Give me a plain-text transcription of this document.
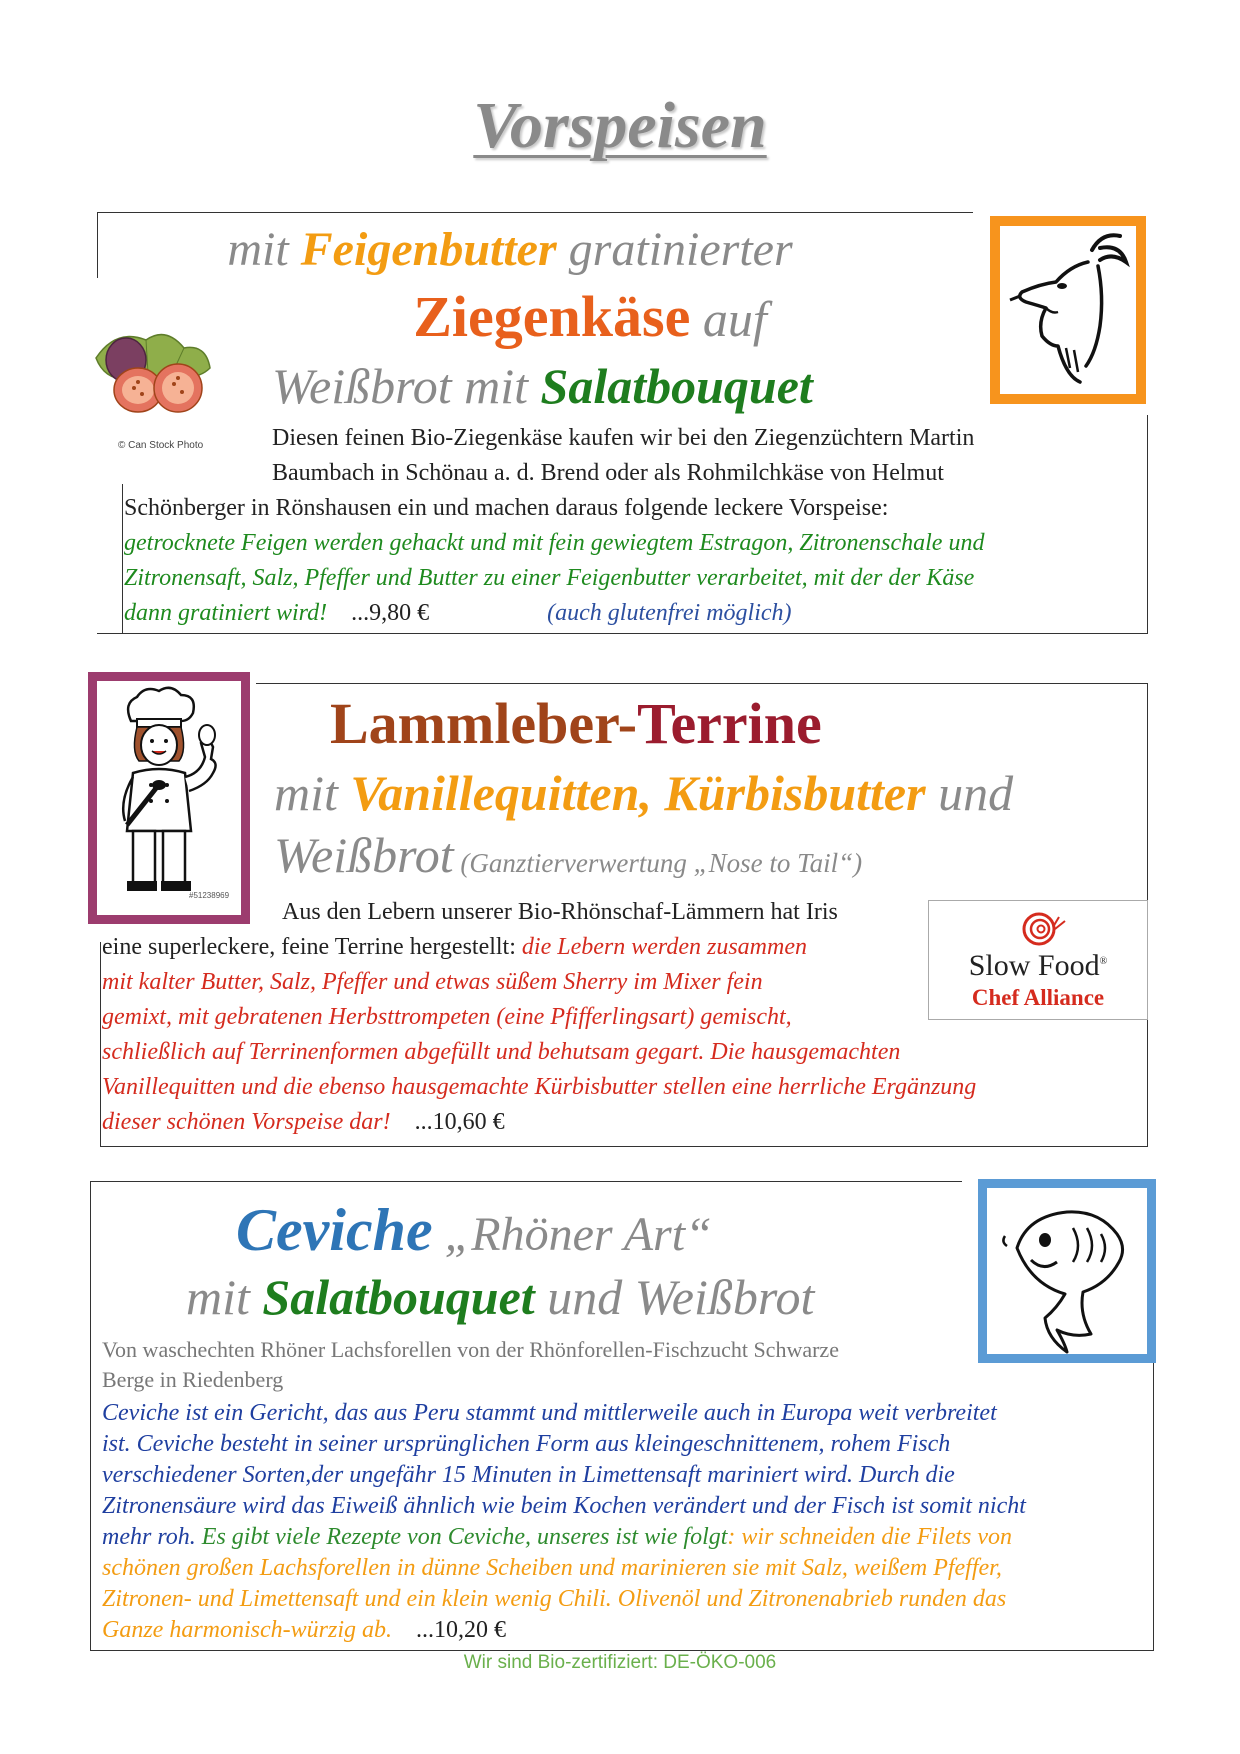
Vorspeisen
mit Feigenbutter gratinierter
Ziegenkäse auf
Weißbrot mit Salatbouquet
© Can Stock Photo	Diesen feinen Bio-Ziegenkäse kaufen wir bei den Ziegenzüchtern Martin
Baumbach in Schönau a. d. Brend oder als Rohmilchkäse von Helmut
Schönberger in Rönshausen ein und machen daraus folgende leckere Vorspeise:
getrocknete Feigen werden gehackt und mit fein gewiegtem Estragon, Zitronenschale und
Zitronensaft, Salz, Pfeffer und Butter zu einer Feigenbutter verarbeitet, mit der der Käse
dann gratiniert wird! ...9,80 €	(auch glutenfrei möglich)
#51238969
Lammleber-Terrine
mit Vanillequitten, Kürbisbutter und
Weißbrot (Ganztierverwertung „Nose to Tail“)
Slow Food®
Chef Alliance
Aus den Lebern unserer Bio-Rhönschaf-Lämmern hat Iris
eine superleckere, feine Terrine hergestellt: die Lebern werden zusammen
mit kalter Butter, Salz, Pfeffer und etwas süßem Sherry im Mixer fein
gemixt, mit gebratenen Herbsttrompeten (eine Pfifferlingsart) gemischt,
schließlich auf Terrinenformen abgefüllt und behutsam gegart. Die hausgemachten
Vanillequitten und die ebenso hausgemachte Kürbisbutter stellen eine herrliche Ergänzung
dieser schönen Vorspeise dar! ...10,60 €
Ceviche „Rhöner Art“
mit Salatbouquet und Weißbrot
Von waschechten Rhöner Lachsforellen von der Rhönforellen-Fischzucht Schwarze
Berge in Riedenberg
Ceviche ist ein Gericht, das aus Peru stammt und mittlerweile auch in Europa weit verbreitet
ist. Ceviche besteht in seiner ursprünglichen Form aus kleingeschnittenem, rohem Fisch
verschiedener Sorten,der ungefähr 15 Minuten in Limettensaft mariniert wird. Durch die
Zitronensäure wird das Eiweiß ähnlich wie beim Kochen verändert und der Fisch ist somit nicht
mehr roh. Es gibt viele Rezepte von Ceviche, unseres ist wie folgt: wir schneiden die Filets von
schönen großen Lachsforellen in dünne Scheiben und marinieren sie mit Salz, weißem Pfeffer,
Zitronen- und Limettensaft und ein klein wenig Chili. Olivenöl und Zitronenabrieb runden das
Ganze harmonisch-würzig ab. ...10,20 €
Wir sind Bio-zertifiziert: DE-ÖKO-006
